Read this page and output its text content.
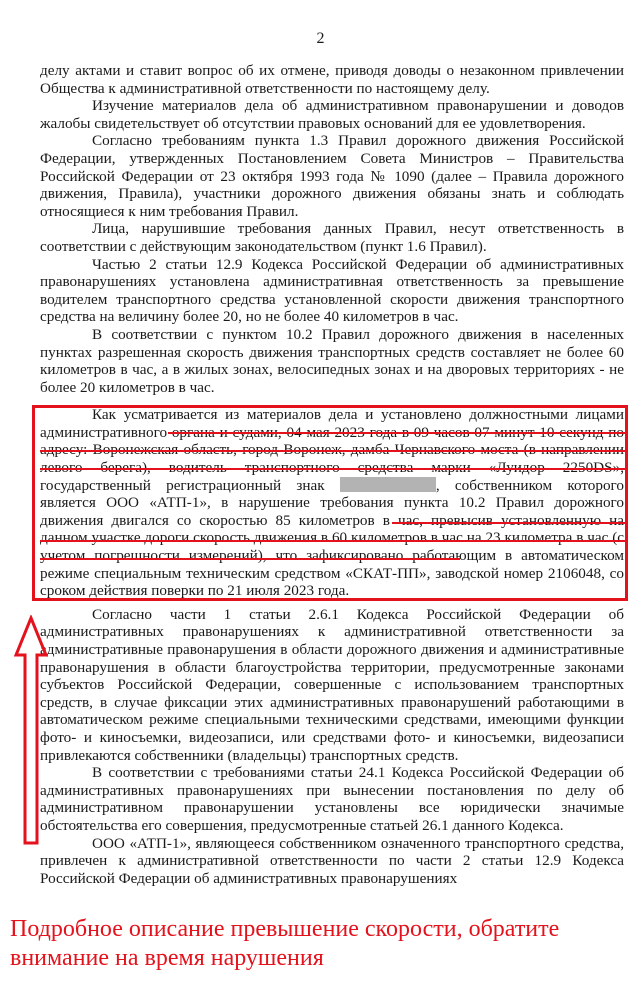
2

делу актами и ставит вопрос об их отмене, приводя доводы о незаконном привлечении Общества к административной ответственности по настоящему делу.

Изучение материалов дела об административном правонарушении и доводов жалобы свидетельствует об отсутствии правовых оснований для ее удовлетворения.

Согласно требованиям пункта 1.3 Правил дорожного движения Российской Федерации, утвержденных Постановлением Совета Министров – Правительства Российской Федерации от 23 октября 1993 года № 1090 (далее – Правила дорожного движения, Правила), участники дорожного движения обязаны знать и соблюдать относящиеся к ним требования Правил.

Лица, нарушившие требования данных Правил, несут ответственность в соответствии с действующим законодательством (пункт 1.6 Правил).

Частью 2 статьи 12.9 Кодекса Российской Федерации об административных правонарушениях установлена административная ответственность за превышение водителем транспортного средства установленной скорости движения транспортного средства на величину более 20, но не более 40 километров в час.

В соответствии с пунктом 10.2 Правил дорожного движения в населенных пунктах разрешенная скорость движения транспортных средств составляет не более 60 километров в час, а в жилых зонах, велосипедных зонах и на дворовых территориях - не более 20 километров в час.

Как усматривается из материалов дела и установлено должностными лицами административного органа и судами, 04 мая 2023 года в 09 часов 07 минут 10 секунд по адресу: Воронежская область, город Воронеж, дамба Чернавского моста (в направлении левого берега), водитель транспортного средства марки «Луидор 2250DS», государственный регистрационный знак	, собственником которого является ООО «АТП-1», в нарушение требования пункта 10.2 Правил дорожного движения двигался со скоростью 85 километров в час, превысив установленную на данном участке дороги скорость движения в 60 километров в час на 23 километра в час (с учетом погрешности измерений), что зафиксировано работающим в автоматическом режиме специальным техническим средством «СКАТ-ПП», заводской номер 2106048, со сроком действия поверки по 21 июля 2023 года.

Согласно части 1 статьи 2.6.1 Кодекса Российской Федерации об административных правонарушениях к административной ответственности за административные правонарушения в области дорожного движения и административные правонарушения в области благоустройства территории, предусмотренные законами субъектов Российской Федерации, совершенные с использованием транспортных средств, в случае фиксации этих административных правонарушений работающими в автоматическом режиме специальными техническими средствами, имеющими функции фото- и киносъемки, видеозаписи, или средствами фото- и киносъемки, видеозаписи привлекаются собственники (владельцы) транспортных средств.

В соответствии с требованиями статьи 24.1 Кодекса Российской Федерации об административных правонарушениях при вынесении постановления по делу об административном правонарушении установлены все юридически значимые обстоятельства его совершения, предусмотренные статьей 26.1 данного Кодекса.

ООО «АТП-1», являющееся собственником означенного транспортного средства, привлечен к административной ответственности по части 2 статьи 12.9 Кодекса Российской Федерации об административных правонарушениях

Подробное описание превышение скорости, обратите внимание на время нарушения
